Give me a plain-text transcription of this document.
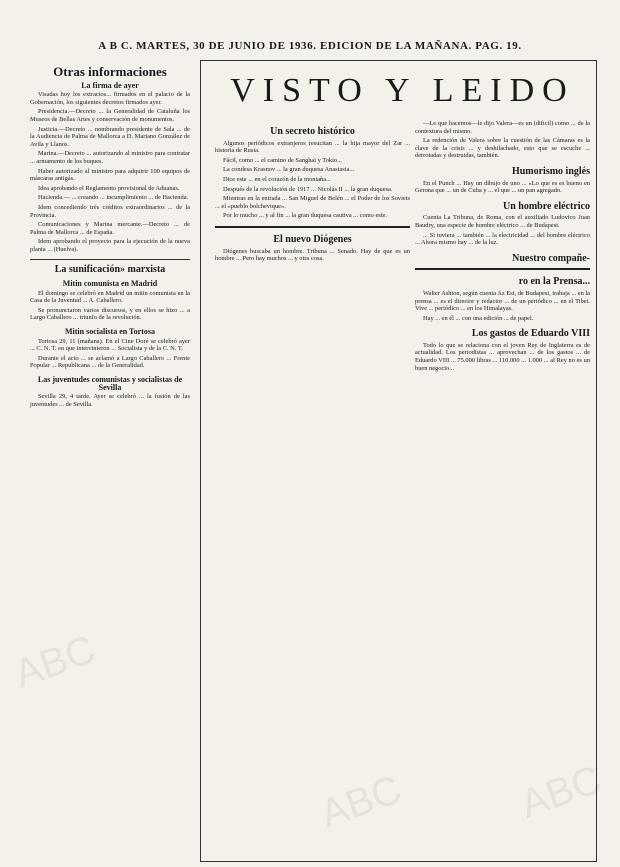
A B C. MARTES, 30 DE JUNIO DE 1936. EDICION DE LA MAÑANA. PAG. 19.
Otras informaciones
La firma de ayer

Visadas hoy los extractos... firmados en el palacio de la Gobernación, los siguientes decretos firmados ayer.

Presidencia.—Decreto ... la Generalidad de Cataluña los Museos de Bellas Artes y conservación de monumentos.

Justicia.—Decreto ... nombrando presidente de Sala ... de la Audiencia de Palma de Mallorca a D. Mariano González de Avila y Llanos.

Marina.—Decreto ... autorizando al ministro para contratar ... armamento de los buques.

Haber autorizado al ministro para adquirir 100 equipos de máscaras antigás.

Idea aprobando el Reglamento provisional de Aduanas.

Hacienda.— ... creando ... incumplimiento ... de Hacienda.

Idem concediendo trés créditos extraordinarios ... de la Provincia.

Comunicaciones y Marina mercante.—Decreto ... de Palma de Mallorca ... de España.

Idem aprobando el proyecto para la ejecución de la nueva planta ... (Huelva).

La sunificación» marxista
Mitin comunista en Madrid

El domingo se celebró en Madrid un mitin comunista en la Casa de la Juventud ... A. Caballero.

Se pronunciaron varios discursos, y en ellos se hizo ... a Largo Caballero ... triunfo de la revolución.

Mitin socialista en Tortosa

Tortosa 29, 11 (mañana). En el Cine Doré se celebró ayer ... C. N. T. en que intervinieron ... Socialista y de la C. N. T.

Durante el acto ... se aclamó a Largo Caballero ... Frente Popular ... Republicana ... de la Generalidad.

Las juventudes comunistas y socialistas de Sevilla

Sevilla 29, 4 tarde. Ayer se celebró ... la fusión de las juventudes ... de Sevilla.

VISTO Y LEIDO
Un secreto histórico

Algunos periódicos extranjeros resucitan ... la hija mayor del Zar ... historia de Rusia.

Fácil, como ... el camino de Sanghai y Tokio...

La condesa Krasnov ... la gran duquesa Anastasia...

Dice este ... en el corazón de la montaña...

Después de la revolución de 1917 ... Nicolás II ... la gran duquesa.

Mientras en la entrada ... San Miguel de Belén ... el Poder de los Soviets ... el «pueblo bolchevique».

Por lo mucho ... y al fin ... la gran duquesa cautiva ... como este.

El nuevo Diógenes

Diógenes buscaba un hombre. Tribuna ... Senado. Hay de que es un hombre ... Pero hay muchos ... y otra cosa.

—Le que hacemos—le dijo Valera—es un (dificil) como ... de la contextura del mismo.

La redención de Valera sobre la cuestión de las Cámaras es la clave de la crisis ... y deshilachado, esto que se escuche ... derrotadas y destruidas, también.

Humorismo inglés

En el Punch ... Hay un dibujo de uno ... «Lo que es es bueno en Gerona que ... un de Cuba y ... el que ... un pan agregado.

Un hombre eléctrico

Cuenta La Tribuna, de Roma, con el auxiliado Ludovico Juan Baudry, una especie de hombre eléctrico ... de Budapest.

... Si tuviera ... también ... la electricidad ... del hombre eléctrico ... Ahora mismo hay ... de la luz.

Nuestro compañe-
ro en la Prensa...

Walter Ashton, según cuenta Az Est, de Budapest, trabaja ... en la prensa ... es el director y redactor ... de un periódico ... en el Tibet. Vive ... periódico ... en los Himalayas.

Hay ... en él ... con una edición ... de papel.

Los gastos de Eduardo VIII

Todo lo que se relaciona con el joven Rey de Inglaterra es de actualidad. Los periodistas ... aprovechan ... de los gastos ... de Eduardo VIII ... 75.000 libras ... 110.000 ... 1.000 ... al Rey no es un buen negocio...

ABC
ABC	ABC
